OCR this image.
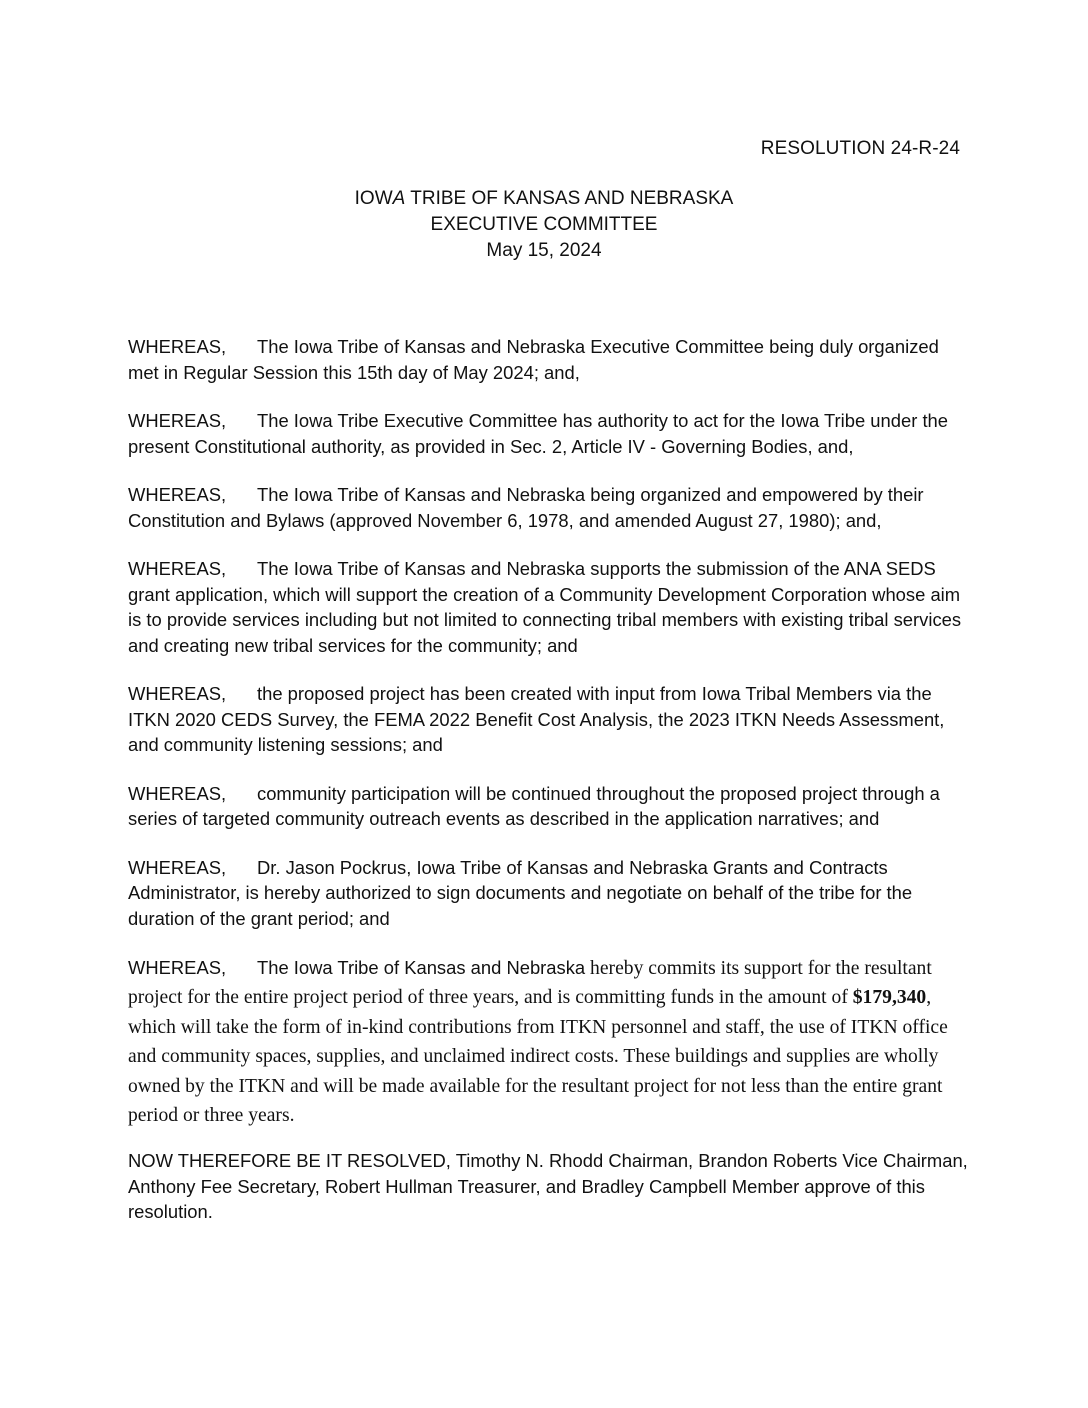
RESOLUTION 24-R-24
IOWA TRIBE OF KANSAS AND NEBRASKA
EXECUTIVE COMMITTEE
May 15, 2024

WHEREAS, The Iowa Tribe of Kansas and Nebraska Executive Committee being duly organized met in Regular Session this 15th day of May 2024; and,

WHEREAS, The Iowa Tribe Executive Committee has authority to act for the Iowa Tribe under the present Constitutional authority, as provided in Sec. 2, Article IV - Governing Bodies, and,

WHEREAS, The Iowa Tribe of Kansas and Nebraska being organized and empowered by their Constitution and Bylaws (approved November 6, 1978, and amended August 27, 1980); and,

WHEREAS, The Iowa Tribe of Kansas and Nebraska supports the submission of the ANA SEDS grant application, which will support the creation of a Community Development Corporation whose aim is to provide services including but not limited to connecting tribal members with existing tribal services and creating new tribal services for the community; and

WHEREAS, the proposed project has been created with input from Iowa Tribal Members via the ITKN 2020 CEDS Survey, the FEMA 2022 Benefit Cost Analysis, the 2023 ITKN Needs Assessment, and community listening sessions; and

WHEREAS, community participation will be continued throughout the proposed project through a series of targeted community outreach events as described in the application narratives; and

WHEREAS, Dr. Jason Pockrus, Iowa Tribe of Kansas and Nebraska Grants and Contracts Administrator, is hereby authorized to sign documents and negotiate on behalf of the tribe for the duration of the grant period; and

WHEREAS, The Iowa Tribe of Kansas and Nebraska hereby commits its support for the resultant project for the entire project period of three years, and is committing funds in the amount of $179,340, which will take the form of in-kind contributions from ITKN personnel and staff, the use of ITKN office and community spaces, supplies, and unclaimed indirect costs. These buildings and supplies are wholly owned by the ITKN and will be made available for the resultant project for not less than the entire grant period or three years.

NOW THEREFORE BE IT RESOLVED, Timothy N. Rhodd Chairman, Brandon Roberts Vice Chairman, Anthony Fee Secretary, Robert Hullman Treasurer, and Bradley Campbell Member approve of this resolution.
